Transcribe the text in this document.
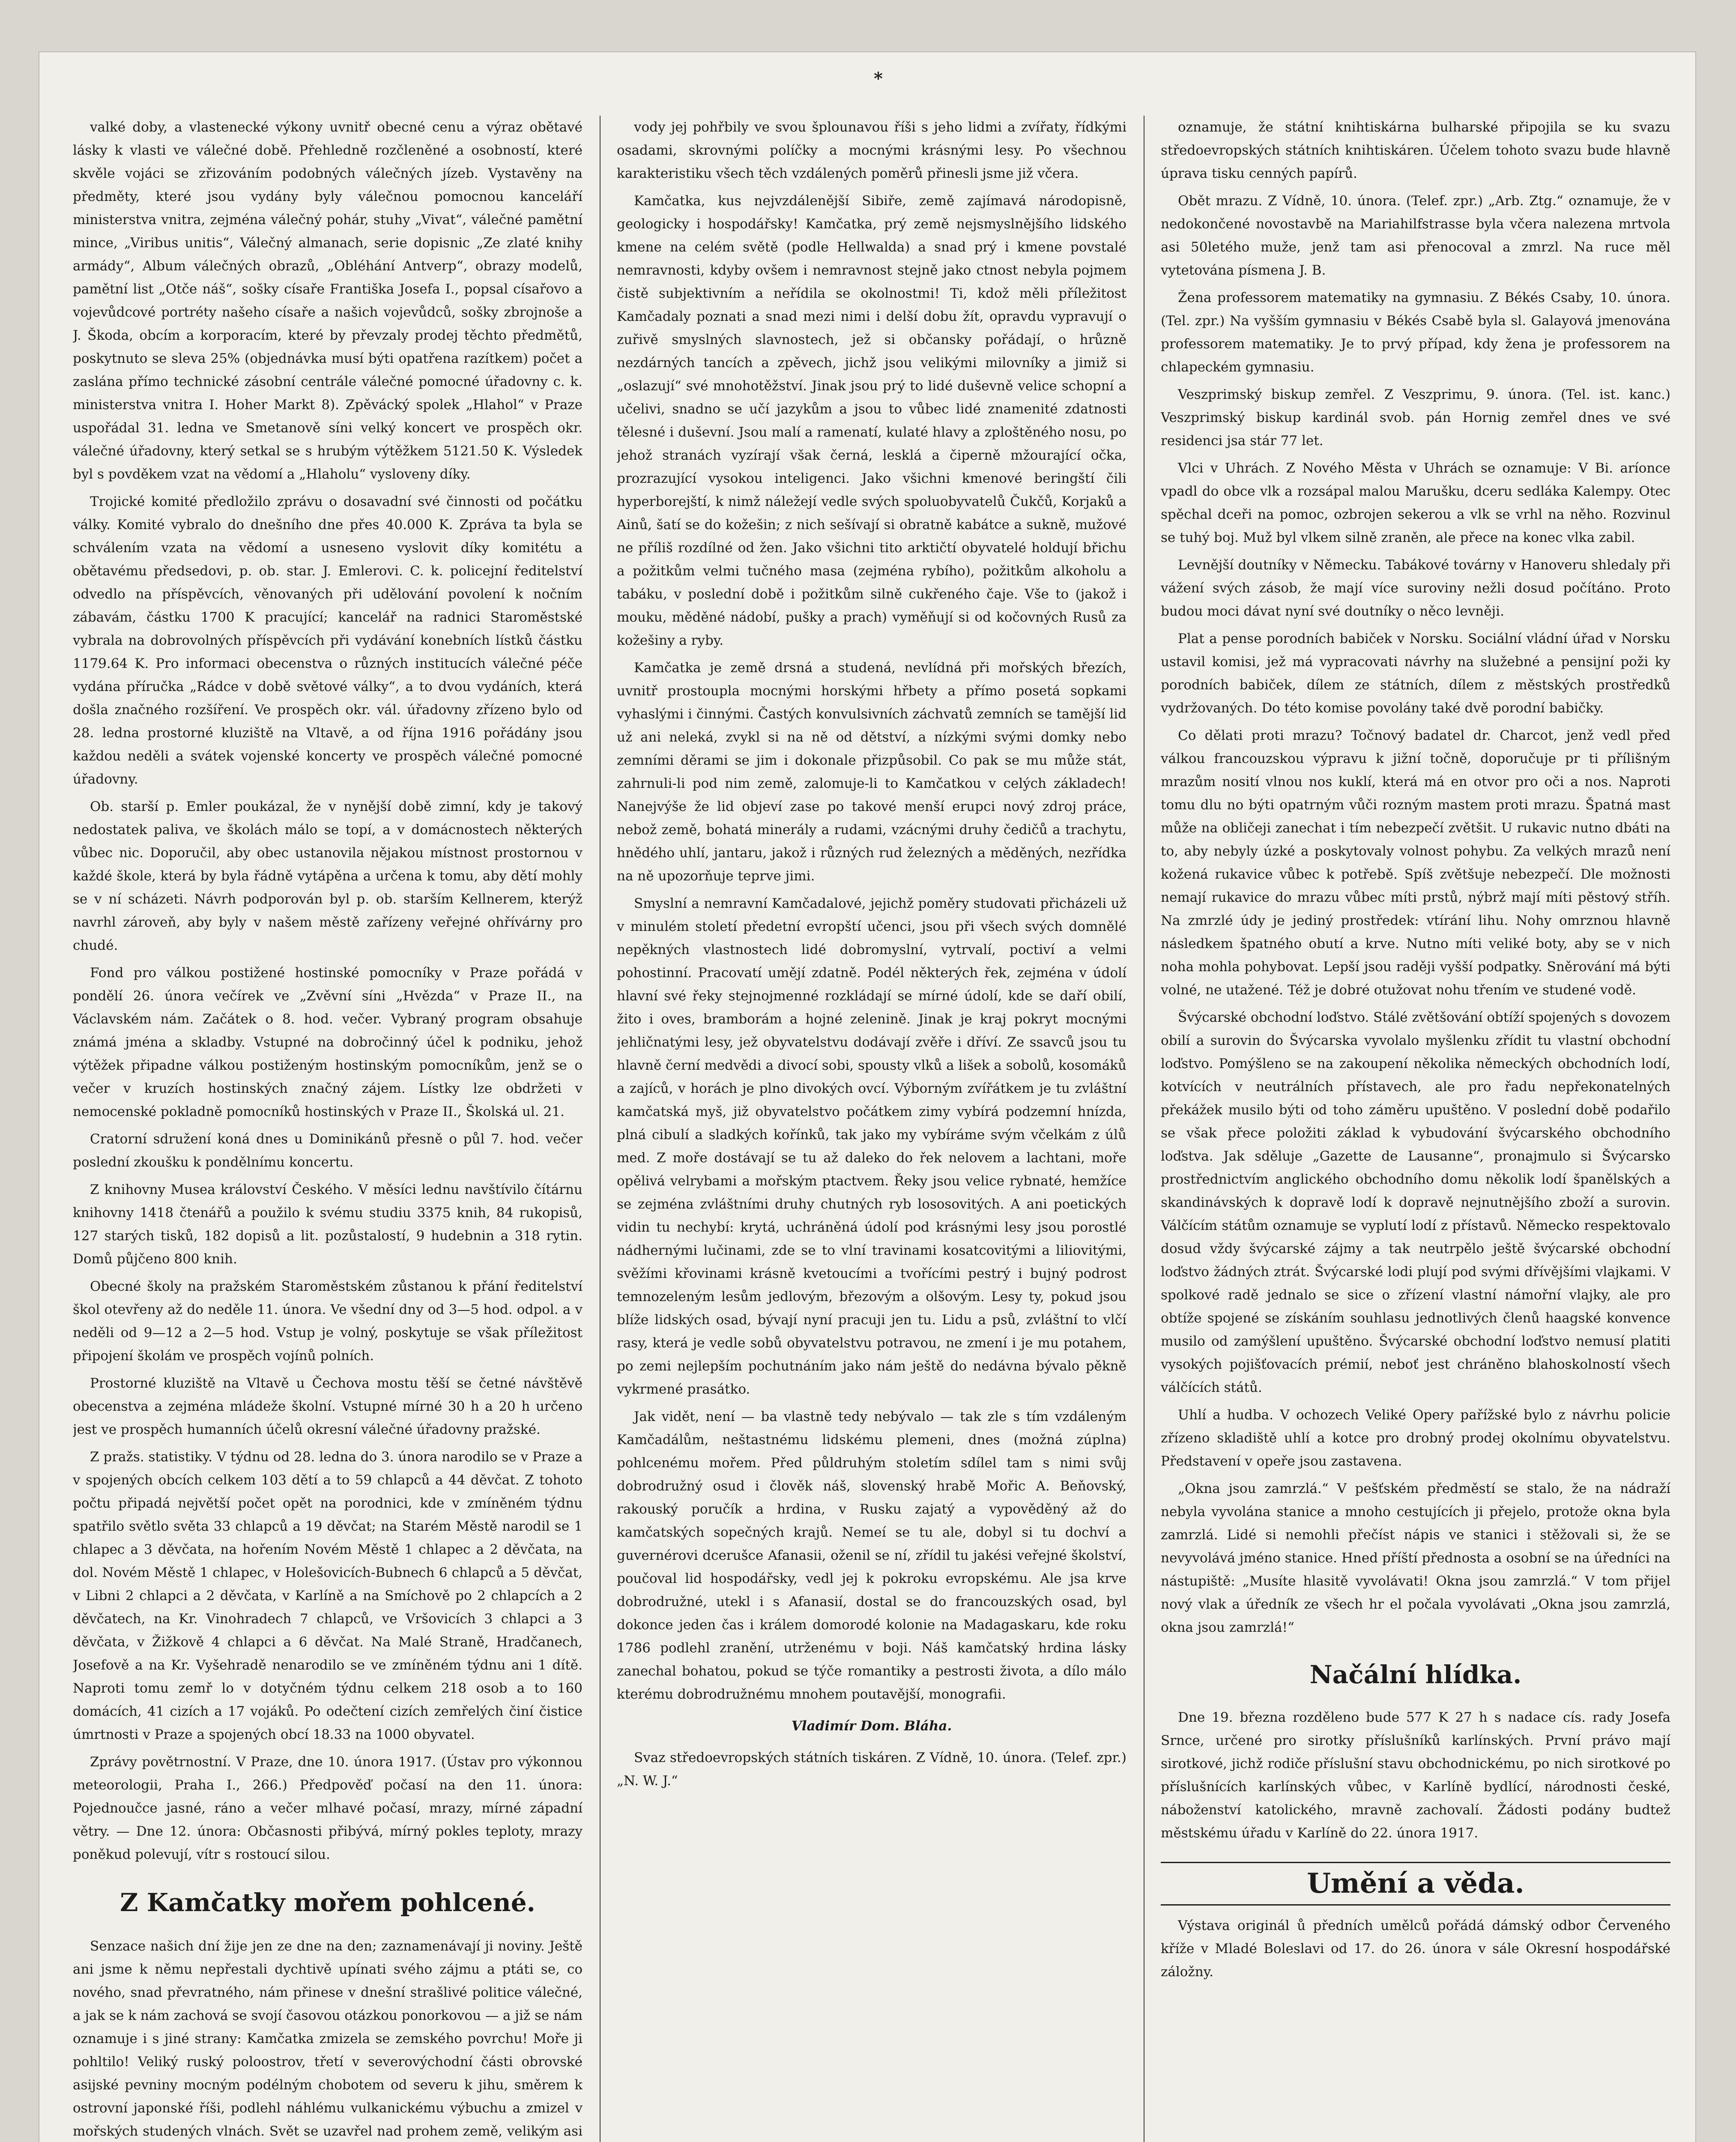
*

valké doby, a vlastenecké výkony uvnitř obecné cenu a výraz obětavé lásky k vlasti ve válečné době. Přehledně rozčleněné a osobností, které skvěle vojáci se zřizováním podobných válečných jízeb. Vystavěny na předměty, které jsou vydány byly válečnou pomocnou kanceláří ministerstva vnitra, zejména válečný pohár, stuhy „Vivat“, válečné pamětní mince, „Viribus unitis“, Válečný almanach, serie dopisnic „Ze zlaté knihy armády“, Album válečných obrazů, „Obléhání Antverp“, obrazy modelů, pamětní list „Otče náš“, sošky císaře Františka Josefa I., popsal císařovo a vojevůdcové portréty našeho císaře a našich vojevůdců, sošky zbrojnoše a J. Škoda, obcím a korporacím, které by převzaly prodej těchto předmětů, poskytnuto se sleva 25% (objednávka musí býti opatřena razítkem) počet a zaslána přímo technické zásobní centrále válečné pomocné úřadovny c. k. ministerstva vnitra I. Hoher Markt 8). Zpěvácký spolek „Hlahol“ v Praze uspořádal 31. ledna ve Smetanově síni velký koncert ve prospěch okr. válečné úřadovny, který setkal se s hrubým výtěžkem 5121.50 K. Výsledek byl s povděkem vzat na vědomí a „Hlaholu“ vysloveny díky.

Trojické komité předložilo zprávu o dosavadní své činnosti od počátku války. Komité vybralo do dnešního dne přes 40.000 K. Zpráva ta byla se schválením vzata na vědomí a usneseno vyslovit díky komitétu a obětavému předsedovi, p. ob. star. J. Emlerovi. C. k. policejní ředitelství odvedlo na příspěvcích, věnovaných při udělování povolení k nočním zábavám, částku 1700 K pracující; kancelář na radnici Staroměstské vybrala na dobrovolných příspěvcích při vydávání konebních lístků částku 1179.64 K. Pro informaci obecenstva o různých institucích válečné péče vydána příručka „Rádce v době světové války“, a to dvou vydáních, která došla značného rozšíření. Ve prospěch okr. vál. úřadovny zřízeno bylo od 28. ledna prostorné kluziště na Vltavě, a od října 1916 pořádány jsou každou neděli a svátek vojenské koncerty ve prospěch válečné pomocné úřadovny.

Ob. starší p. Emler poukázal, že v nynější době zimní, kdy je takový nedostatek paliva, ve školách málo se topí, a v domácnostech některých vůbec nic. Doporučil, aby obec ustanovila nějakou místnost prostornou v každé škole, která by byla řádně vytápěna a určena k tomu, aby dětí mohly se v ní scházeti. Návrh podporován byl p. ob. starším Kellnerem, kterýž navrhl zároveň, aby byly v našem městě zařízeny veřejné ohřívárny pro chudé.

Fond pro válkou postižené hostinské pomocníky v Praze pořádá v pondělí 26. února večírek ve „Zvěvní síni „Hvězda“ v Praze II., na Václavském nám. Začátek o 8. hod. večer. Vybraný program obsahuje známá jména a skladby. Vstupné na dobročinný účel k podniku, jehož výtěžek připadne válkou postiženým hostinským pomocníkům, jenž se o večer v kruzích hostinských značný zájem. Lístky lze obdržeti v nemocenské pokladně pomocníků hostinských v Praze II., Školská ul. 21.

Cratorní sdružení koná dnes u Dominikánů přesně o půl 7. hod. večer poslední zkoušku k pondělnímu koncertu.

Z knihovny Musea království Českého. V měsíci lednu navštívilo čítárnu knihovny 1418 čtenářů a použilo k svému studiu 3375 knih, 84 rukopisů, 127 starých tisků, 182 dopisů a lit. pozůstalostí, 9 hudebnin a 318 rytin. Domů půjčeno 800 knih.

Obecné školy na pražském Staroměstském zůstanou k přání ředitelství škol otevřeny až do neděle 11. února. Ve všední dny od 3—5 hod. odpol. a v neděli od 9—12 a 2—5 hod. Vstup je volný, poskytuje se však příležitost připojení školám ve prospěch vojínů polních.

Prostorné kluziště na Vltavě u Čechova mostu těší se četné návštěvě obecenstva a zejména mládeže školní. Vstupné mírné 30 h a 20 h určeno jest ve prospěch humanních účelů okresní válečné úřadovny pražské.

Z pražs. statistiky. V týdnu od 28. ledna do 3. února narodilo se v Praze a v spojených obcích celkem 103 dětí a to 59 chlapců a 44 děvčat. Z tohoto počtu připadá největší počet opět na porodnici, kde v zmíněném týdnu spatřilo světlo světa 33 chlapců a 19 děvčat; na Starém Městě narodil se 1 chlapec a 3 děvčata, na hořením Novém Městě 1 chlapec a 2 děvčata, na dol. Novém Městě 1 chlapec, v Holešovicích-Bubnech 6 chlapců a 5 děvčat, v Libni 2 chlapci a 2 děvčata, v Karlíně a na Smíchově po 2 chlapcích a 2 děvčatech, na Kr. Vinohradech 7 chlapců, ve Vršovicích 3 chlapci a 3 děvčata, v Žižkově 4 chlapci a 6 děvčat. Na Malé Straně, Hradčanech, Josefově a na Kr. Vyšehradě nenarodilo se ve zmíněném týdnu ani 1 dítě. Naproti tomu zemř lo v dotyčném týdnu celkem 218 osob a to 160 domácích, 41 cizích a 17 vojáků. Po odečtení cizích zemřelých činí čistice úmrtnosti v Praze a spojených obcí 18.33 na 1000 obyvatel.

Zprávy povětrnostní. V Praze, dne 10. února 1917. (Ústav pro výkonnou meteorologii, Praha I., 266.) Předpověď počasí na den 11. února: Pojednoučce jasné, ráno a večer mlhavé počasí, mrazy, mírné západní větry. — Dne 12. února: Občasnosti přibývá, mírný pokles teploty, mrazy poněkud polevují, vítr s rostoucí silou.

Z Kamčatky mořem pohlcené.

Senzace našich dní žije jen ze dne na den; zaznamenávají ji noviny. Ještě ani jsme k němu nepřestali dychtivě upínati svého zájmu a ptáti se, co nového, snad převratného, nám přinese v dnešní strašlivé politice válečné, a jak se k nám zachová se svojí časovou otázkou ponorkovou — a již se nám oznamuje i s jiné strany: Kamčatka zmizela se zemského povrchu! Moře ji pohltilo! Veliký ruský poloostrov, třetí v severovýchodní části obrovské asijské pevniny mocným podélným chobotem od severu k jihu, směrem k ostrovní japonské říši, podlehl náhlému vulkanickému výbuchu a zmizel v mořských studených vlnách. Svět se uzavřel nad prohem země, velikým asi

vody jej pohřbily ve svou šplounavou říši s jeho lidmi a zvířaty, řídkými osadami, skrovnými políčky a mocnými krásnými lesy. Po všechnou karakteristiku všech těch vzdálených poměrů přinesli jsme již včera.

Kamčatka, kus nejvzdálenější Sibiře, země zajímavá národopisně, geologicky i hospodářsky! Kamčatka, prý země nejsmyslnějšího lidského kmene na celém světě (podle Hellwalda) a snad prý i kmene povstalé nemravnosti, kdyby ovšem i nemravnost stejně jako ctnost nebyla pojmem čistě subjektivním a neřídila se okolnostmi! Ti, kdož měli příležitost Kamčadaly poznati a snad mezi nimi i delší dobu žít, opravdu vypravují o zuřivě smyslných slavnostech, jež si občansky pořádají, o hrůzně nezdárných tancích a zpěvech, jichž jsou velikými milovníky a jimiž si „oslazují“ své mnohotěžství. Jinak jsou prý to lidé duševně velice schopní a učelivi, snadno se učí jazykům a jsou to vůbec lidé znamenité zdatnosti tělesné i duševní. Jsou malí a ramenatí, kulaté hlavy a zploštěného nosu, po jehož stranách vyzírají však černá, lesklá a čiperně mžourající očka, prozrazující vysokou inteligenci. Jako všichni kmenové beringští čili hyperborejští, k nimž náležejí vedle svých spoluobyvatelů Čukčů, Korjaků a Ainů, šatí se do kožešin; z nich sešívají si obratně kabátce a sukně, mužové ne příliš rozdílné od žen. Jako všichni tito arktičtí obyvatelé holdují břichu a požitkům velmi tučného masa (zejména rybího), požitkům alkoholu a tabáku, v poslední době i požitkům silně cukřeného čaje. Vše to (jakož i mouku, měděné nádobí, pušky a prach) vyměňují si od kočovných Rusů za kožešiny a ryby.

Kamčatka je země drsná a studená, nevlídná při mořských březích, uvnitř prostoupla mocnými horskými hřbety a přímo posetá sopkami vyhaslými i činnými. Častých konvulsivních záchvatů zemních se tamější lid už ani neleká, zvykl si na ně od dětství, a nízkými svými domky nebo zemními děrami se jim i dokonale přizpůsobil. Co pak se mu může stát, zahrnuli-li pod nim země, zalomuje-li to Kamčatkou v celých základech! Nanejvýše že lid objeví zase po takové menší erupci nový zdroj práce, nebož země, bohatá minerály a rudami, vzácnými druhy čedičů a trachytu, hnědého uhlí, jantaru, jakož i různých rud železných a měděných, nezřídka na ně upozorňuje teprve jimi.

Smyslní a nemravní Kamčadalové, jejichž poměry studovati přicházeli už v minulém století předetní evropští učenci, jsou při všech svých domnělé nepěkných vlastnostech lidé dobromyslní, vytrvalí, poctiví a velmi pohostinní. Pracovatí umějí zdatně. Podél některých řek, zejména v údolí hlavní své řeky stejnojmenné rozkládají se mírné údolí, kde se daří obilí, žito i oves, bramborám a hojné zelenině. Jinak je kraj pokryt mocnými jehličnatými lesy, jež obyvatelstvu dodávají zvěře i dříví. Ze ssavců jsou tu hlavně černí medvědi a divocí sobi, spousty vlků a lišek a sobolů, kosomáků a zajíců, v horách je plno divokých ovcí. Výborným zvířátkem je tu zvláštní kamčatská myš, již obyvatelstvo počátkem zimy vybírá podzemní hnízda, plná cibulí a sladkých kořínků, tak jako my vybíráme svým včelkám z úlů med. Z moře dostávají se tu až daleko do řek nelovem a lachtani, moře opělivá velrybami a mořským ptactvem. Řeky jsou velice rybnaté, hemžíce se zejména zvláštními druhy chutných ryb lososovitých. A ani poetických vidin tu nechybí: krytá, uchráněná údolí pod krásnými lesy jsou porostlé nádhernými lučinami, zde se to vlní travinami kosatcovitými a liliovitými, svěžími křovinami krásně kvetoucími a tvořícími pestrý i bujný podrost temnozeleným lesům jedlovým, březovým a olšovým. Lesy ty, pokud jsou blíže lidských osad, bývají nyní pracuji jen tu. Lidu a psů, zvláštní to vlčí rasy, která je vedle sobů obyvatelstvu potravou, ne zmení i je mu potahem, po zemi nejlepším pochutnáním jako nám ještě do nedávna bývalo pěkně vykrmené prasátko.

Jak vidět, není — ba vlastně tedy nebývalo — tak zle s tím vzdáleným Kamčadálům, neštastnému lidskému plemeni, dnes (možná zúplna) pohlcenému mořem. Před půldruhým stoletím sdílel tam s nimi svůj dobrodružný osud i člověk náš, slovenský hrabě Mořic A. Beňovský, rakouský poručík a hrdina, v Rusku zajatý a vypověděný až do kamčatských sopečných krajů. Nemeí se tu ale, dobyl si tu dochví a guvernérovi dcerušce Afanasii, oženil se ní, zřídil tu jakési veřejné školství, poučoval lid hospodářsky, vedl jej k pokroku evropskému. Ale jsa krve dobrodružné, utekl i s Afanasií, dostal se do francouzských osad, byl dokonce jeden čas i králem domorodé kolonie na Madagaskaru, kde roku 1786 podlehl zranění, utrženému v boji. Náš kamčatský hrdina lásky zanechal bohatou, pokud se týče romantiky a pestrosti života, a dílo málo kterému dobrodružnému mnohem poutavější, monografii.

Vladimír Dom. Bláha.

Svaz středoevropských státních tiskáren. Z Vídně, 10. února. (Telef. zpr.) „N. W. J.“

oznamuje, že státní knihtiskárna bulharské připojila se ku svazu středoevropských státních knihtiskáren. Účelem tohoto svazu bude hlavně úprava tisku cenných papírů.

Obět mrazu. Z Vídně, 10. února. (Telef. zpr.) „Arb. Ztg.“ oznamuje, že v nedokončené novostavbě na Mariahilfstrasse byla včera nalezena mrtvola asi 50letého muže, jenž tam asi přenocoval a zmrzl. Na ruce měl vytetována písmena J. B.

Žena professorem matematiky na gymnasiu. Z Békés Csaby, 10. února. (Tel. zpr.) Na vyšším gymnasiu v Békés Csabě byla sl. Galayová jmenována professorem matematiky. Je to prvý případ, kdy žena je professorem na chlapeckém gymnasiu.

Veszprimský biskup zemřel. Z Veszprimu, 9. února. (Tel. ist. kanc.) Veszprimský biskup kardinál svob. pán Hornig zemřel dnes ve své residenci jsa stár 77 let.

Vlci v Uhrách. Z Nového Města v Uhrách se oznamuje: V Bi. aríonce vpadl do obce vlk a rozsápal malou Marušku, dceru sedláka Kalempy. Otec spěchal dceři na pomoc, ozbrojen sekerou a vlk se vrhl na něho. Rozvinul se tuhý boj. Muž byl vlkem silně zraněn, ale přece na konec vlka zabil.

Levnější doutníky v Německu. Tabákové továrny v Hanoveru shledaly při vážení svých zásob, že mají více suroviny nežli dosud počítáno. Proto budou moci dávat nyní své doutníky o něco levněji.

Plat a pense porodních babiček v Norsku. Sociální vládní úřad v Norsku ustavil komisi, jež má vypracovati návrhy na služebné a pensijní poži ky porodních babiček, dílem ze státních, dílem z městských prostředků vydržovaných. Do této komise povolány také dvě porodní babičky.

Co dělati proti mrazu? Točnový badatel dr. Charcot, jenž vedl před válkou francouzskou výpravu k jižní točně, doporučuje pr ti přílišným mrazům nosití vlnou nos kuklí, která má en otvor pro oči a nos. Naproti tomu dlu no býti opatrným vůči rozným mastem proti mrazu. Špatná mast může na obličeji zanechat i tím nebezpečí zvětšit. U rukavic nutno dbáti na to, aby nebyly úzké a poskytovaly volnost pohybu. Za velkých mrazů není kožená rukavice vůbec k potřebě. Spíš zvětšuje nebezpečí. Dle možnosti nemají rukavice do mrazu vůbec míti prstů, nýbrž mají míti pěstový stříh. Na zmrzlé údy je jediný prostředek: vtírání lihu. Nohy omrznou hlavně následkem špatného obutí a krve. Nutno míti veliké boty, aby se v nich noha mohla pohybovat. Lepší jsou raději vyšší podpatky. Sněrování má býti volné, ne utažené. Též je dobré otužovat nohu třením ve studené vodě.

Švýcarské obchodní loďstvo. Stálé zvětšování obtíží spojených s dovozem obilí a surovin do Švýcarska vyvolalo myšlenku zřídit tu vlastní obchodní loďstvo. Pomýšleno se na zakoupení několika německých obchodních lodí, kotvících v neutrálních přístavech, ale pro řadu nepřekonatelných překážek musilo býti od toho záměru upuštěno. V poslední době podařilo se však přece položiti základ k vybudování švýcarského obchodního loďstva. Jak sděluje „Gazette de Lausanne“, pronajmulo si Švýcarsko prostřednictvím anglického obchodního domu několik lodí španělských a skandinávských k dopravě lodí k dopravě nejnutnějšího zboží a surovin. Válčícím státům oznamuje se vyplutí lodí z přístavů. Německo respektovalo dosud vždy švýcarské zájmy a tak neutrpělo ještě švýcarské obchodní loďstvo žádných ztrát. Švýcarské lodi plují pod svými dřívějšími vlajkami. V spolkové radě jednalo se sice o zřízení vlastní námořní vlajky, ale pro obtíže spojené se získáním souhlasu jednotlivých členů haagské konvence musilo od zamýšlení upuštěno. Švýcarské obchodní loďstvo nemusí platiti vysokých pojišťovacích prémií, neboť jest chráněno blahoskolností všech válčících států.

Uhlí a hudba. V ochozech Veliké Opery pařížské bylo z návrhu policie zřízeno skladiště uhlí a kotce pro drobný prodej okolnímu obyvatelstvu. Představení v opeře jsou zastavena.

„Okna jsou zamrzlá.“ V pešťském předměstí se stalo, že na nádraží nebyla vyvolána stanice a mnoho cestujících ji přejelo, protože okna byla zamrzlá. Lidé si nemohli přečíst nápis ve stanici i stěžovali si, že se nevyvolává jméno stanice. Hned příští přednosta a osobní se na úředníci na nástupiště: „Musíte hlasitě vyvolávati! Okna jsou zamrzlá.“ V tom přijel nový vlak a úředník ze všech hr el počala vyvolávati „Okna jsou zamrzlá, okna jsou zamrzlá!“

Načální hlídka.

Dne 19. března rozděleno bude 577 K 27 h s nadace cís. rady Josefa Srnce, určené pro sirotky příslušníků karlínských. První právo mají sirotkové, jichž rodiče příslušní stavu obchodnickému, po nich sirotkové po příslušnících karlínských vůbec, v Karlíně bydlící, národnosti české, náboženství katolického, mravně zachovalí. Žádosti podány budtež městskému úřadu v Karlíně do 22. února 1917.

Umění a věda.

Výstava originál ů předních umělců pořádá dámský odbor Červeného kříže v Mladé Boleslavi od 17. do 26. února v sále Okresní hospodářské záložny.
